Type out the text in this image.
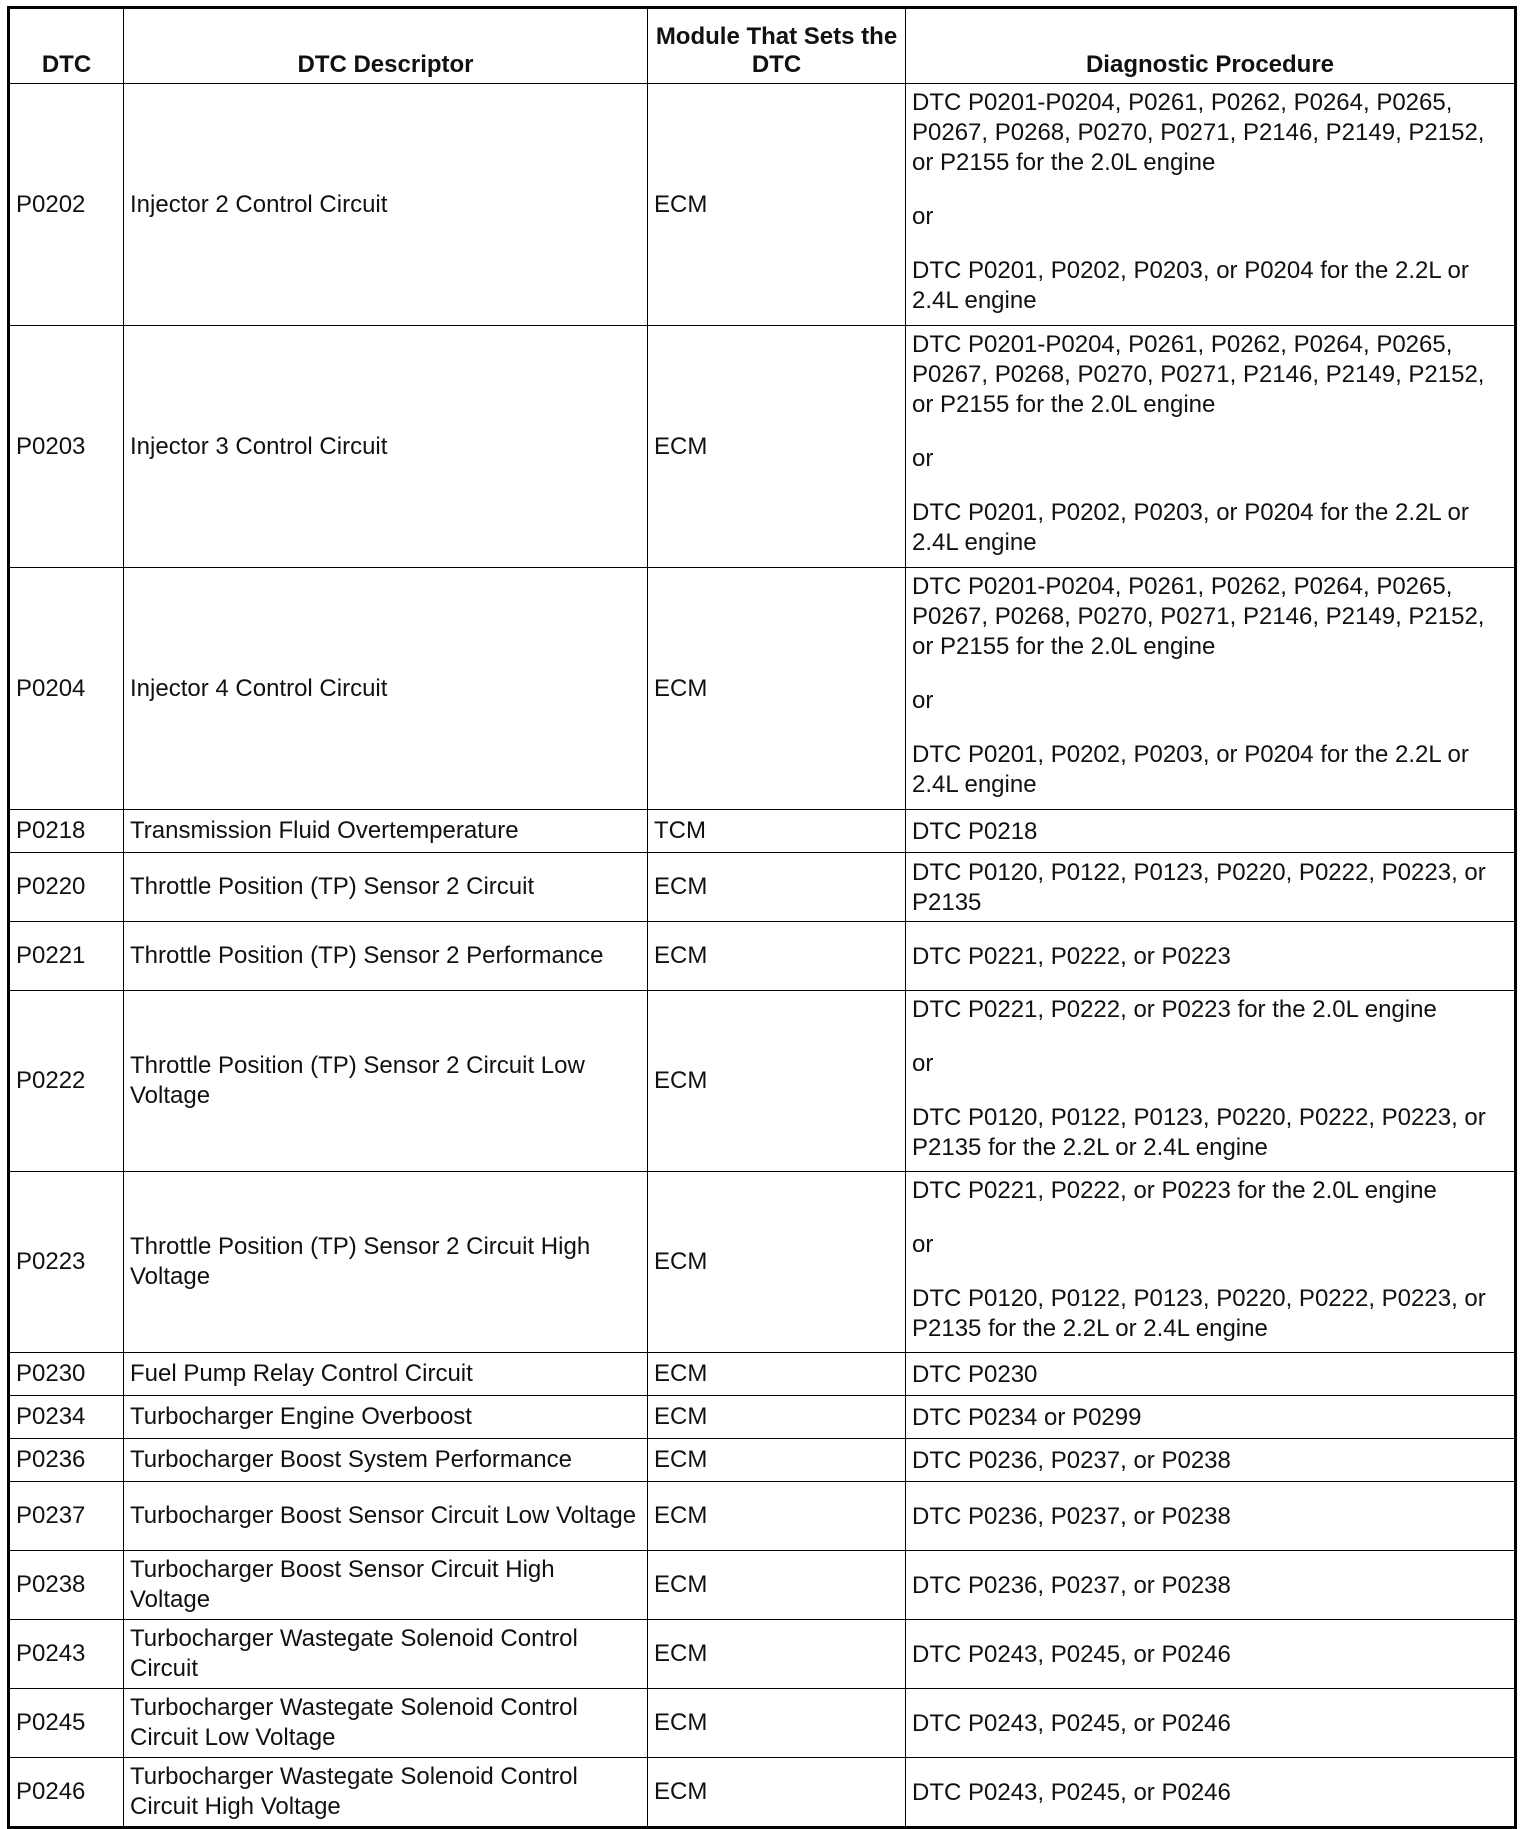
DTC	DTC Descriptor	Module That Sets the DTC	Diagnostic Procedure
P0202	Injector 2 Control Circuit	ECM	DTC P0201-P0204, P0261, P0262, P0264, P0265, P0267, P0268, P0270, P0271, P2146, P2149, P2152, or P2155 for the 2.0L engine
or
DTC P0201, P0202, P0203, or P0204 for the 2.2L or 2.4L engine

P0203	Injector 3 Control Circuit	ECM	DTC P0201-P0204, P0261, P0262, P0264, P0265, P0267, P0268, P0270, P0271, P2146, P2149, P2152, or P2155 for the 2.0L engine
or
DTC P0201, P0202, P0203, or P0204 for the 2.2L or 2.4L engine

P0204	Injector 4 Control Circuit	ECM	DTC P0201-P0204, P0261, P0262, P0264, P0265, P0267, P0268, P0270, P0271, P2146, P2149, P2152, or P2155 for the 2.0L engine
or
DTC P0201, P0202, P0203, or P0204 for the 2.2L or 2.4L engine

P0218	Transmission Fluid Overtemperature	TCM	DTC P0218

P0220	Throttle Position (TP) Sensor 2 Circuit	ECM	DTC P0120, P0122, P0123, P0220, P0222, P0223, or P2135

P0221	Throttle Position (TP) Sensor 2 Performance	ECM	DTC P0221, P0222, or P0223

P0222	Throttle Position (TP) Sensor 2 Circuit Low Voltage	ECM	DTC P0221, P0222, or P0223 for the 2.0L engine
or
DTC P0120, P0122, P0123, P0220, P0222, P0223, or P2135 for the 2.2L or 2.4L engine

P0223	Throttle Position (TP) Sensor 2 Circuit High Voltage	ECM	DTC P0221, P0222, or P0223 for the 2.0L engine
or
DTC P0120, P0122, P0123, P0220, P0222, P0223, or P2135 for the 2.2L or 2.4L engine

P0230	Fuel Pump Relay Control Circuit	ECM	DTC P0230

P0234	Turbocharger Engine Overboost	ECM	DTC P0234 or P0299

P0236	Turbocharger Boost System Performance	ECM	DTC P0236, P0237, or P0238

P0237	Turbocharger Boost Sensor Circuit Low Voltage	ECM	DTC P0236, P0237, or P0238

P0238	Turbocharger Boost Sensor Circuit High Voltage	ECM	DTC P0236, P0237, or P0238

P0243	Turbocharger Wastegate Solenoid Control Circuit	ECM	DTC P0243, P0245, or P0246

P0245	Turbocharger Wastegate Solenoid Control Circuit Low Voltage	ECM	DTC P0243, P0245, or P0246

P0246	Turbocharger Wastegate Solenoid Control Circuit High Voltage	ECM	DTC P0243, P0245, or P0246
